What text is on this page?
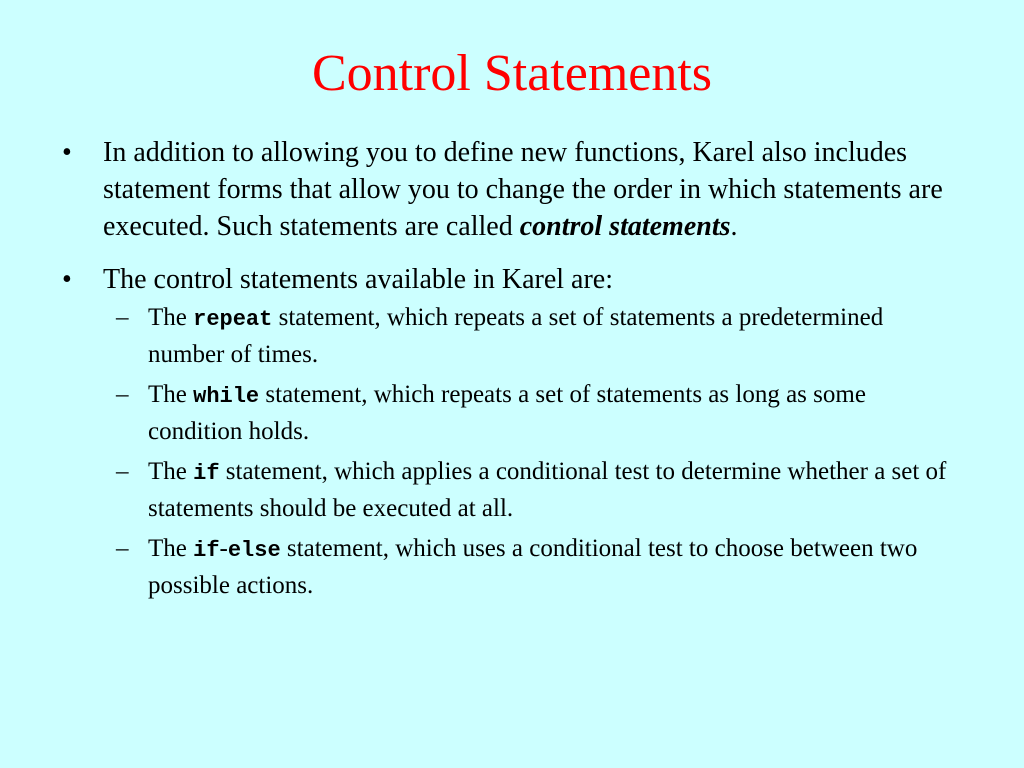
Control Statements
• In addition to allowing you to define new functions, Karel also includes statement forms that allow you to change the order in which statements are executed. Such statements are called control statements.
• The control statements available in Karel are:
– The repeat statement, which repeats a set of statements a predetermined number of times.
– The while statement, which repeats a set of statements as long as some condition holds.
– The if statement, which applies a conditional test to determine whether a set of statements should be executed at all.
– The if-else statement, which uses a conditional test to choose between two possible actions.
